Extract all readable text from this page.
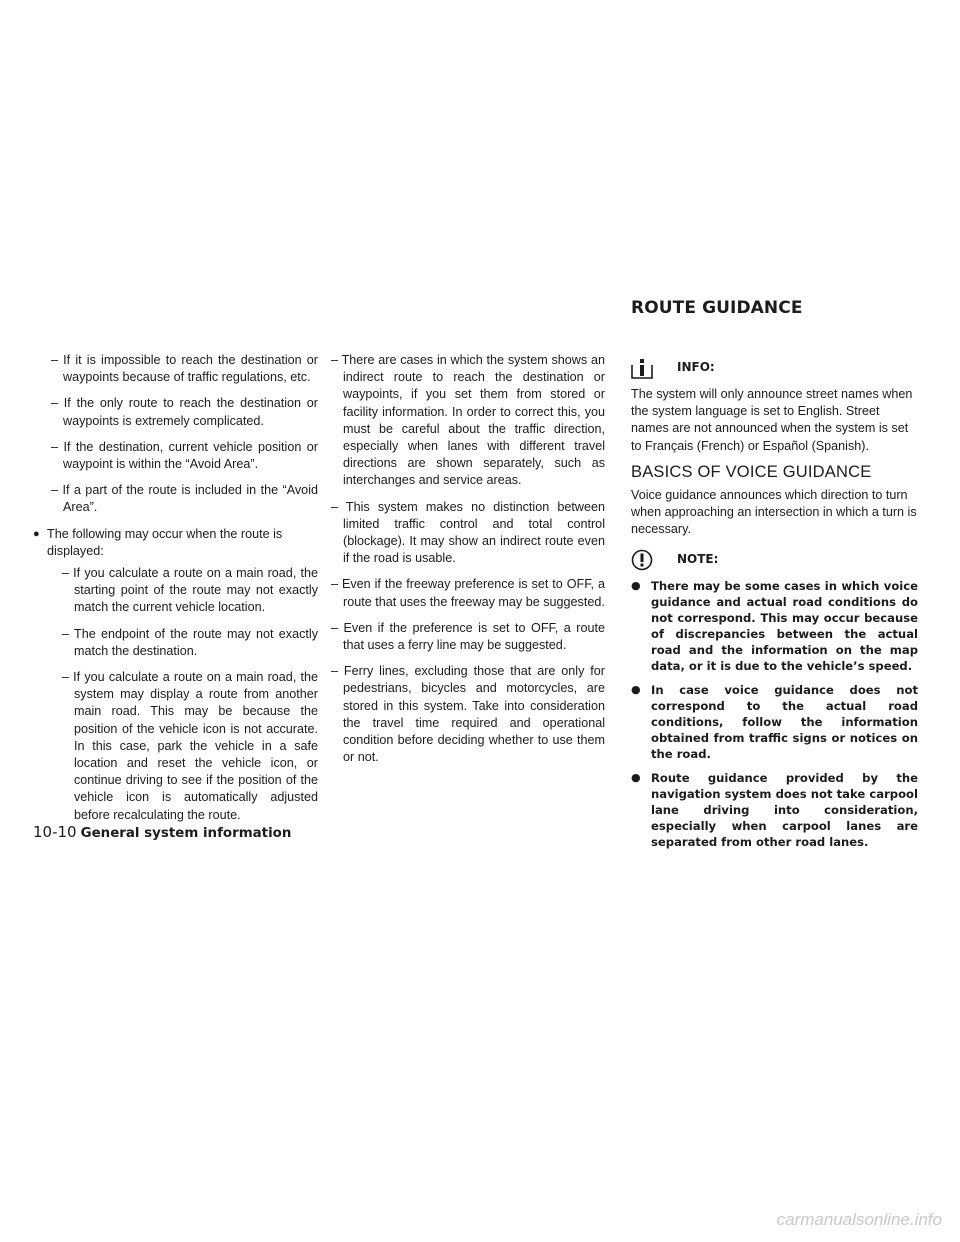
ROUTE GUIDANCE

– If it is impossible to reach the destination or waypoints because of traffic regulations, etc.

– If the only route to reach the destination or waypoints is extremely complicated.

– If the destination, current vehicle position or waypoint is within the “Avoid Area”.

– If a part of the route is included in the “Avoid Area”.

● The following may occur when the route is displayed:

– If you calculate a route on a main road, the starting point of the route may not exactly match the current vehicle location.

– The endpoint of the route may not exactly match the destination.

– If you calculate a route on a main road, the system may display a route from another main road. This may be because the position of the vehicle icon is not accurate. In this case, park the vehicle in a safe location and reset the vehicle icon, or continue driving to see if the position of the vehicle icon is automatically adjusted before recalculating the route.

– There are cases in which the system shows an indirect route to reach the destination or waypoints, if you set them from stored or facility information. In order to correct this, you must be careful about the traffic direction, especially when lanes with different travel directions are shown separately, such as interchanges and service areas.

– This system makes no distinction between limited traffic control and total control (blockage). It may show an indirect route even if the road is usable.

– Even if the freeway preference is set to OFF, a route that uses the freeway may be suggested.

– Even if the preference is set to OFF, a route that uses a ferry line may be suggested.

– Ferry lines, excluding those that are only for pedestrians, bicycles and motorcycles, are stored in this system. Take into consideration the travel time required and operational condition before deciding whether to use them or not.

INFO:

The system will only announce street names when the system language is set to English. Street names are not announced when the system is set to Français (French) or Español (Spanish).

BASICS OF VOICE GUIDANCE

Voice guidance announces which direction to turn when approaching an intersection in which a turn is necessary.

NOTE:
● There may be some cases in which voice guidance and actual road conditions do not correspond. This may occur because of discrepancies between the actual road and the information on the map data, or it is due to the vehicle’s speed.
● In case voice guidance does not correspond to the actual road conditions, follow the information obtained from traffic signs or notices on the road.
● Route guidance provided by the navigation system does not take carpool lane driving into consideration, especially when carpool lanes are separated from other road lanes.
10-10 General system information
carmanualsonline.info
